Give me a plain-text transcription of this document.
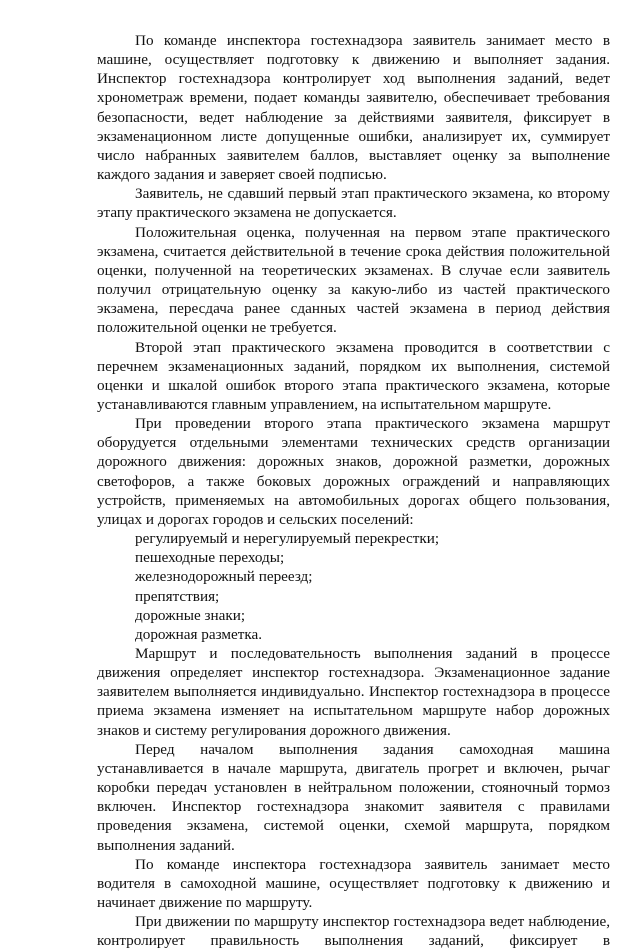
По команде инспектора гостехнадзора заявитель занимает место в машине, осуществляет подготовку к движению и выполняет задания. Инспектор гостехнадзора контролирует ход выполнения заданий, ведет хронометраж времени, подает команды заявителю, обеспечивает требования безопасности, ведет наблюдение за действиями заявителя, фиксирует в экзаменационном листе допущенные ошибки, анализирует их, суммирует число набранных заявителем баллов, выставляет оценку за выполнение каждого задания и заверяет своей подписью.

Заявитель, не сдавший первый этап практического экзамена, ко второму этапу практического экзамена не допускается.

Положительная оценка, полученная на первом этапе практического экзамена, считается действительной в течение срока действия положительной оценки, полученной на теоретических экзаменах. В случае если заявитель получил отрицательную оценку за какую-либо из частей практического экзамена, пересдача ранее сданных частей экзамена в период действия положительной оценки не требуется.

Второй этап практического экзамена проводится в соответствии с перечнем экзаменационных заданий, порядком их выполнения, системой оценки и шкалой ошибок второго этапа практического экзамена, которые устанавливаются главным управлением, на испытательном маршруте.

При проведении второго этапа практического экзамена маршрут оборудуется отдельными элементами технических средств организации дорожного движения: дорожных знаков, дорожной разметки, дорожных светофоров, а также боковых дорожных ограждений и направляющих устройств, применяемых на автомобильных дорогах общего пользования, улицах и дорогах городов и сельских поселений:

регулируемый и нерегулируемый перекрестки;

пешеходные переходы;

железнодорожный переезд;

препятствия;

дорожные знаки;

дорожная разметка.

Маршрут и последовательность выполнения заданий в процессе движения определяет инспектор гостехнадзора. Экзаменационное задание заявителем выполняется индивидуально. Инспектор гостехнадзора в процессе приема экзамена изменяет на испытательном маршруте набор дорожных знаков и систему регулирования дорожного движения.

Перед началом выполнения задания самоходная машина устанавливается в начале маршрута, двигатель прогрет и включен, рычаг коробки передач установлен в нейтральном положении, стояночный тормоз включен. Инспектор гостехнадзора знакомит заявителя с правилами проведения экзамена, системой оценки, схемой маршрута, порядком выполнения заданий.

По команде инспектора гостехнадзора заявитель занимает место водителя в самоходной машине, осуществляет подготовку к движению и начинает движение по маршруту.

При движении по маршруту инспектор гостехнадзора ведет наблюдение, контролирует правильность выполнения заданий, фиксирует в
